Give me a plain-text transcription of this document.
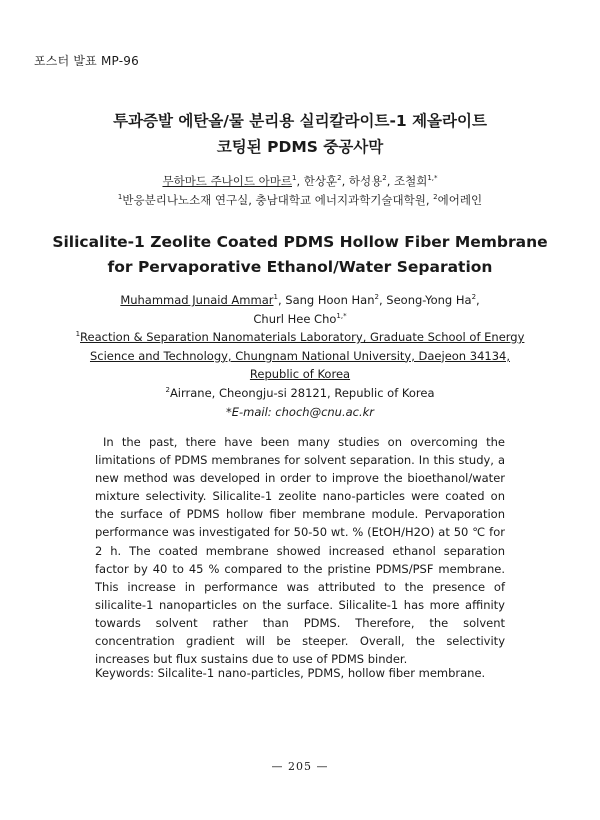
포스터 발표 MP-96
투과증발 에탄올/물 분리용 실리칼라이트-1 제올라이트
코팅된 PDMS 중공사막
무하마드 주나이드 아마르$^1$, 한상훈$^2$, 하성용$^2$, 조철희$^{1,*}$
$^1$반응분리나노소재 연구실, 충남대학교 에너지과학기술대학원, $^2$에어레인
Silicalite-1 Zeolite Coated PDMS Hollow Fiber Membrane
for Pervaporative Ethanol/Water Separation
Muhammad Junaid Ammar$^1$, Sang Hoon Han$^2$, Seong-Yong Ha$^2$,
Churl Hee Cho$^{1,*}$
$^1$Reaction & Separation Nanomaterials Laboratory, Graduate School of Energy
Science and Technology, Chungnam National University, Daejeon 34134,
Republic of Korea
$^2$Airrane, Cheongju-si 28121, Republic of Korea
*E-mail: choch@cnu.ac.kr

In the past, there have been many studies on overcoming the limitations of PDMS membranes for solvent separation. In this study, a new method was developed in order to improve the bioethanol/water mixture selectivity. Silicalite-1 zeolite nano-particles were coated on the surface of PDMS hollow fiber membrane module. Pervaporation performance was investigated for 50-50 wt. % (EtOH/H2O) at 50 ℃ for 2 h. The coated membrane showed increased ethanol separation factor by 40 to 45 % compared to the pristine PDMS/PSF membrane. This increase in performance was attributed to the presence of silicalite-1 nanoparticles on the surface. Silicalite-1 has more affinity towards solvent rather than PDMS. Therefore, the solvent concentration gradient will be steeper. Overall, the selectivity increases but flux sustains due to use of PDMS binder.

Keywords: Silcalite-1 nano-particles, PDMS, hollow fiber membrane.
— 205 —
